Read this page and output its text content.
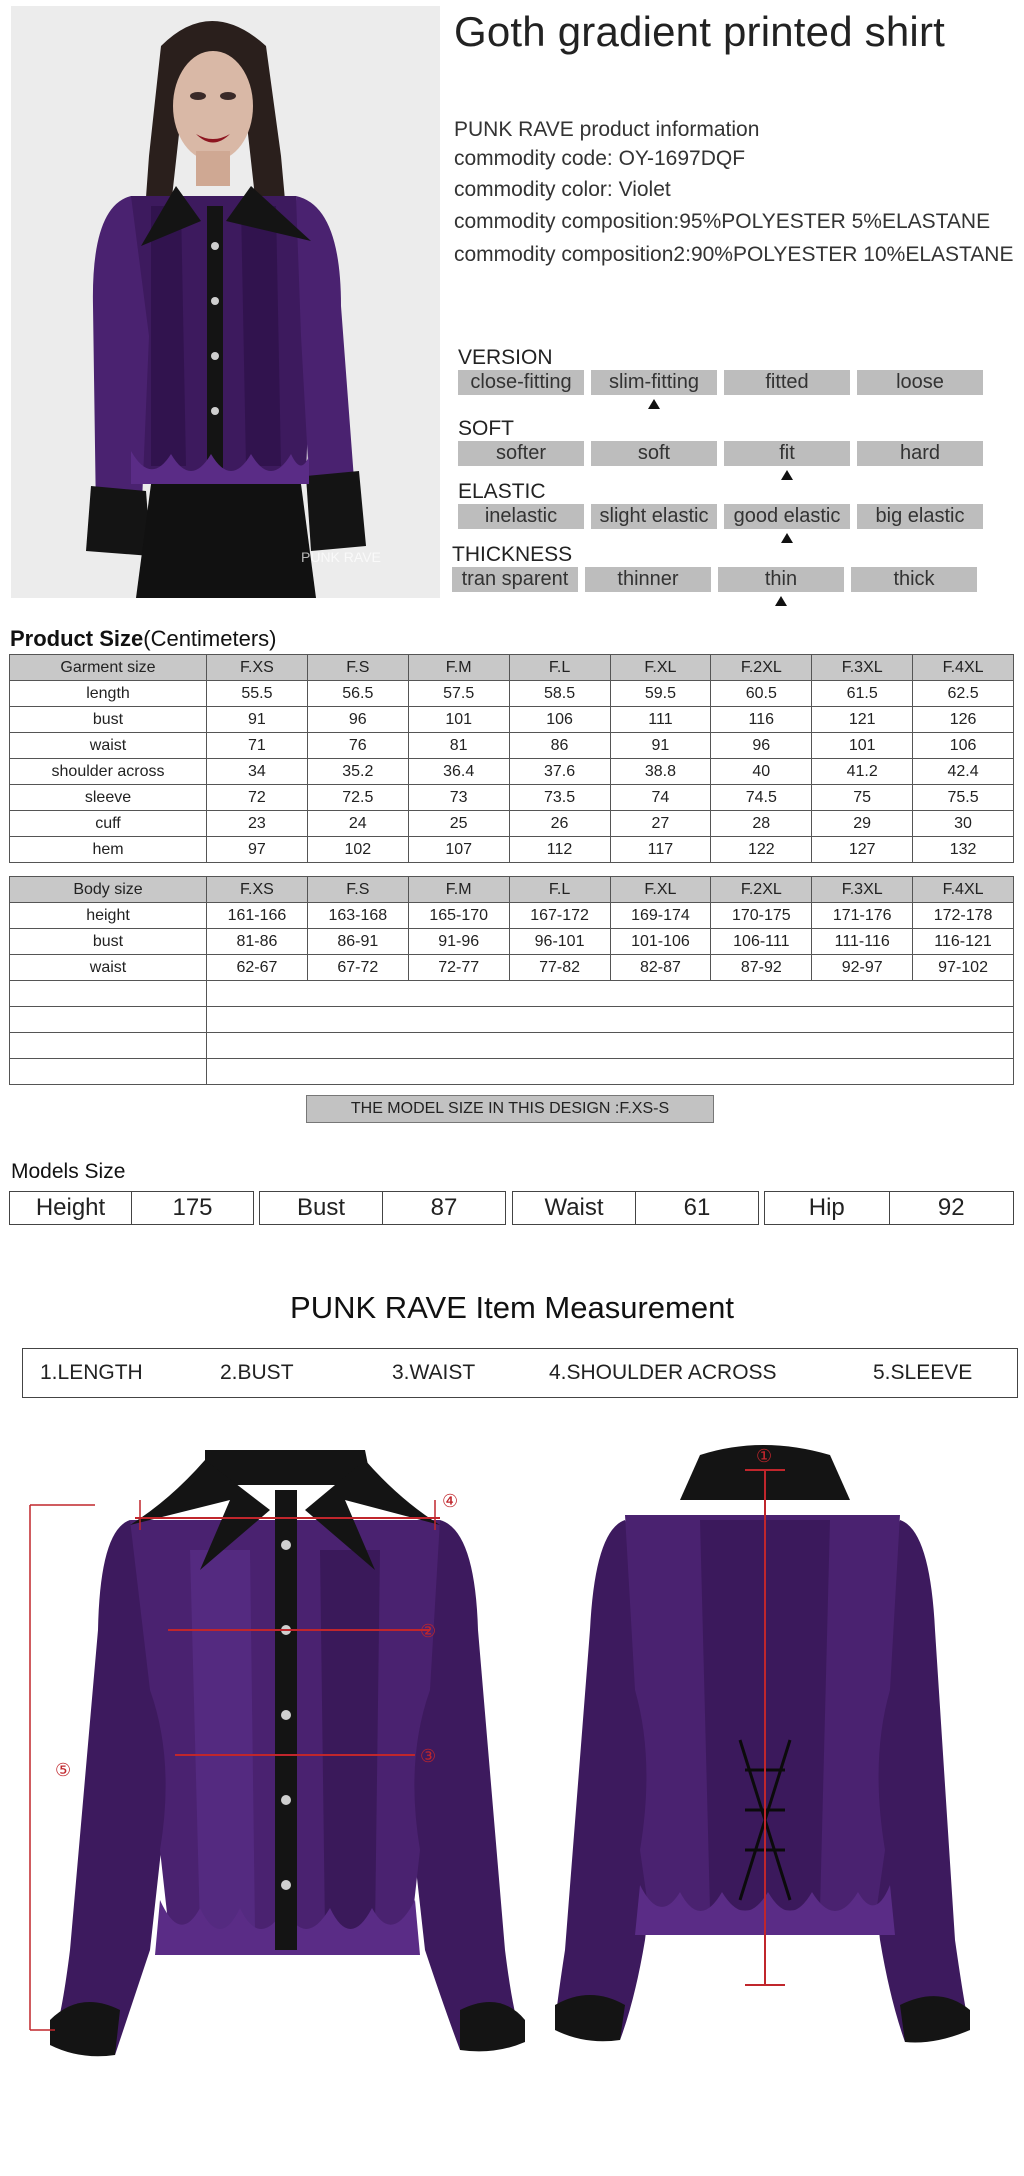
PUNK RAVE
Goth gradient printed shirt
PUNK RAVE product information
commodity code: OY-1697DQF
commodity color: Violet
commodity composition:95%POLYESTER 5%ELASTANE
commodity composition2:90%POLYESTER 10%ELASTANE
VERSION
close-fitting	slim-fitting	fitted	loose
SOFT
softer	soft	fit	hard
ELASTIC
inelastic	slight elastic	good elastic	big elastic
THICKNESS
tran sparent	thinner	thin	thick
Product Size(Centimeters)
Garment size	F.XS	F.S	F.M	F.L	F.XL	F.2XL	F.3XL	F.4XL
length	55.5	56.5	57.5	58.5	59.5	60.5	61.5	62.5
bust	91	96	101	106	111	116	121	126
waist	71	76	81	86	91	96	101	106
shoulder across	34	35.2	36.4	37.6	38.8	40	41.2	42.4
sleeve	72	72.5	73	73.5	74	74.5	75	75.5
cuff	23	24	25	26	27	28	29	30
hem	97	102	107	112	117	122	127	132
Body size	F.XS	F.S	F.M	F.L	F.XL	F.2XL	F.3XL	F.4XL
height	161-166	163-168	165-170	167-172	169-174	170-175	171-176	172-178
bust	81-86	86-91	91-96	96-101	101-106	106-111	111-116	116-121
waist	62-67	67-72	72-77	77-82	82-87	87-92	92-97	97-102

THE MODEL SIZE IN THIS DESIGN :F.XS-S
Models Size
Height	175	Bust	87	Waist	61	Hip	92
PUNK RAVE Item Measurement
1.LENGTH	2.BUST	3.WAIST	4.SHOULDER ACROSS	5.SLEEVE
④
②
③
⑤
①
